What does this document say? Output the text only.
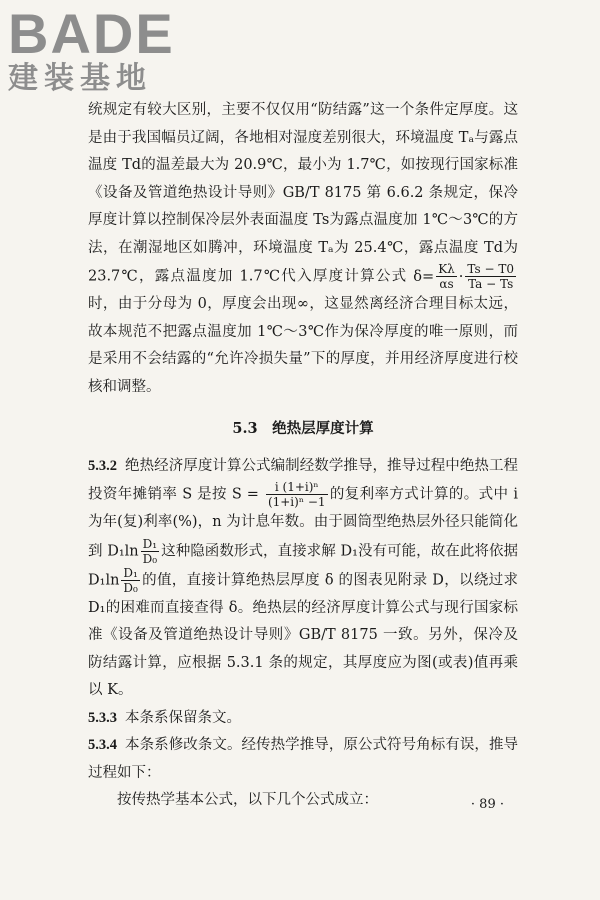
BADE
建装基地

统规定有较大区别，主要不仅仅用“防结露”这一个条件定厚度。这是由于我国幅员辽阔，各地相对湿度差别很大，环境温度 Tₐ与露点温度 Td的温差最大为 20.9℃，最小为 1.7℃，如按现行国家标准《设备及管道绝热设计导则》GB/T 8175 第 6.6.2 条规定，保冷厚度计算以控制保冷层外表面温度 Ts为露点温度加 1℃～3℃的方法，在潮湿地区如腾冲，环境温度 Tₐ为 25.4℃，露点温度 Td为 23.7℃，露点温度加 1.7℃代入厚度计算公式 $\delta= \frac{K\lambda}{\alpha s} \cdot \frac{Ts - T0}{Ta - Ts}$
时，由于分母为 0，厚度会出现∞，这显然离经济合理目标太远，故本规范不把露点温度加 1℃～3℃作为保冷厚度的唯一原则，而是采用不会结露的“允许冷损失量”下的厚度，并用经济厚度进行校核和调整。

5.3　绝热层厚度计算

5.3.2 绝热经济厚度计算公式编制经数学推导，推导过程中绝热工程投资年摊销率 S 是按 $S = \frac{\text{i (1+i)ⁿ}}{\text{(1+i)ⁿ −1}}$ 的复利率方式计算的。式中 i 为年(复)利率(%)，n 为计息年数。由于圆筒型绝热层外径只能简化到 $D_1\ln \frac{\text{D₁}}{\text{D₀}}$ 这种隐函数形式，直接求解 D₁没有可能，故在此将依据 $D_1\ln \frac{\text{D₁}}{\text{D₀}}$ 的值，直接计算绝热层厚度 δ 的图表见附录 D，以绕过求 D₁的困难而直接查得 δ。绝热层的经济厚度计算公式与现行国家标准《设备及管道绝热设计导则》GB/T 8175 一致。另外，保冷及防结露计算，应根据 5.3.1 条的规定，其厚度应为图(或表)值再乘以 K。

5.3.3 本条系保留条文。

5.3.4 本条系修改条文。经传热学推导，原公式符号角标有误，推导过程如下：

按传热学基本公式，以下几个公式成立：	· 89 ·
